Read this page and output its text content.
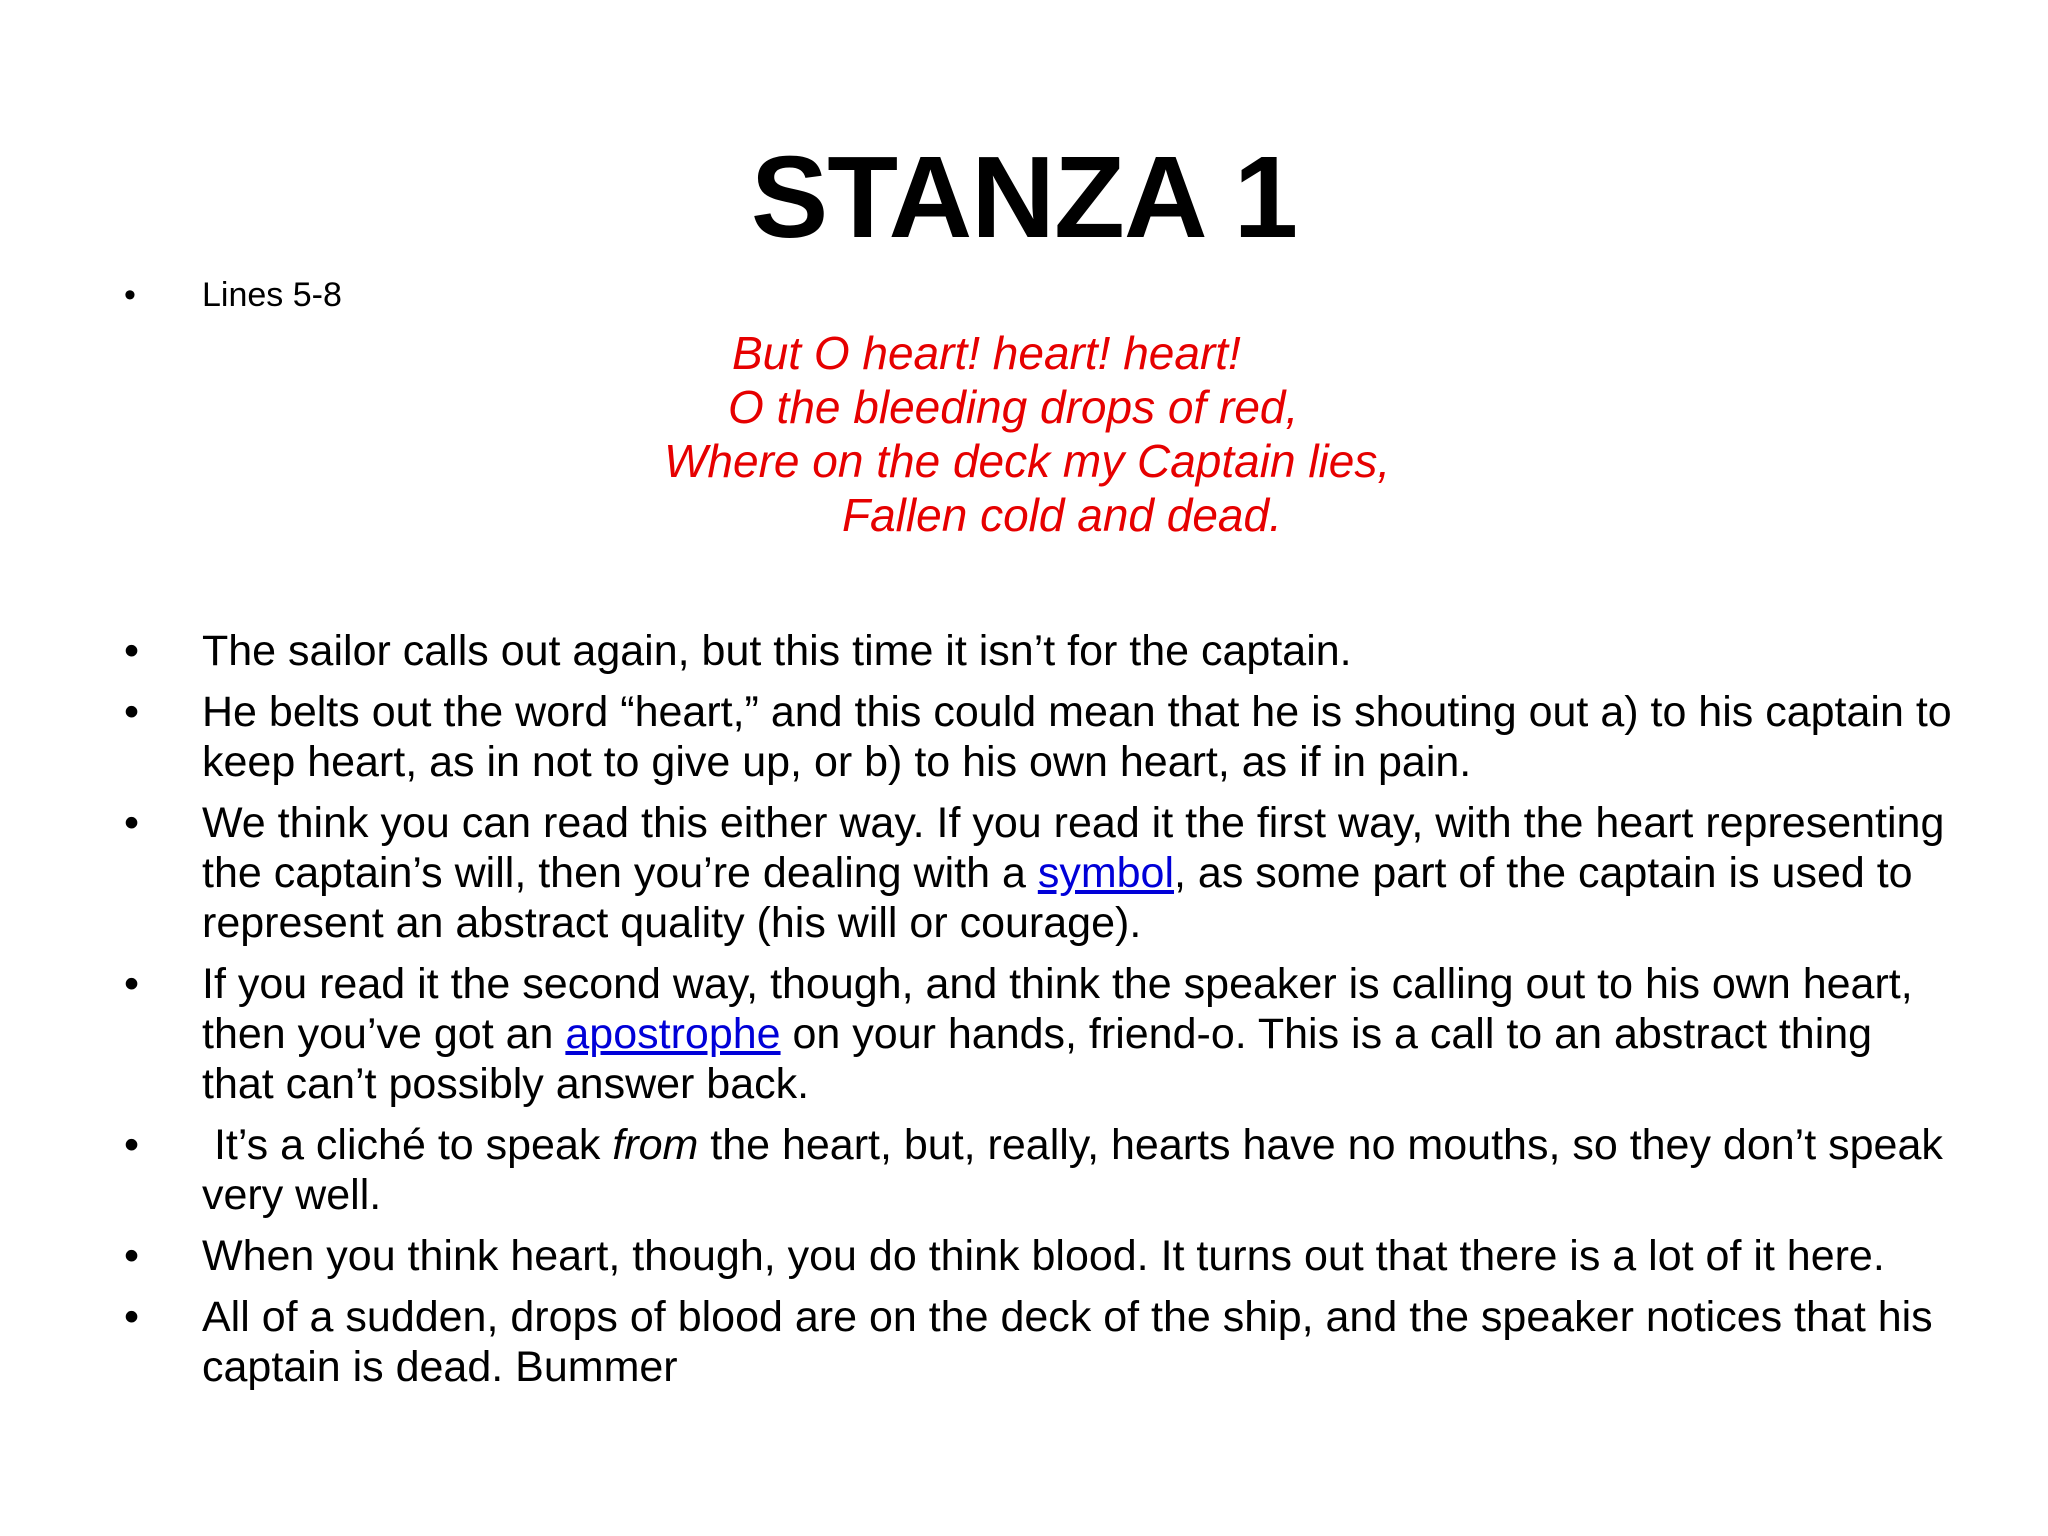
STANZA 1
•	Lines 5-8
But O heart! heart! heart!
O the bleeding drops of red,
Where on the deck my Captain lies,
Fallen cold and dead.
•	The sailor calls out again, but this time it isn’t for the captain.
•	He belts out the word “heart,” and this could mean that he is shouting out a) to his captain to keep heart, as in not to give up, or b) to his own heart, as if in pain.
•	We think you can read this either way. If you read it the first way, with the heart representing the captain’s will, then you’re dealing with a symbol, as some part of the captain is used to represent an abstract quality (his will or courage).
•	If you read it the second way, though, and think the speaker is calling out to his own heart, then you’ve got an apostrophe on your hands, friend-o. This is a call to an abstract thing that can’t possibly answer back.
•	It’s a cliché to speak from the heart, but, really, hearts have no mouths, so they don’t speak very well.
•	When you think heart, though, you do think blood. It turns out that there is a lot of it here.
•	All of a sudden, drops of blood are on the deck of the ship, and the speaker notices that his captain is dead. Bummer
